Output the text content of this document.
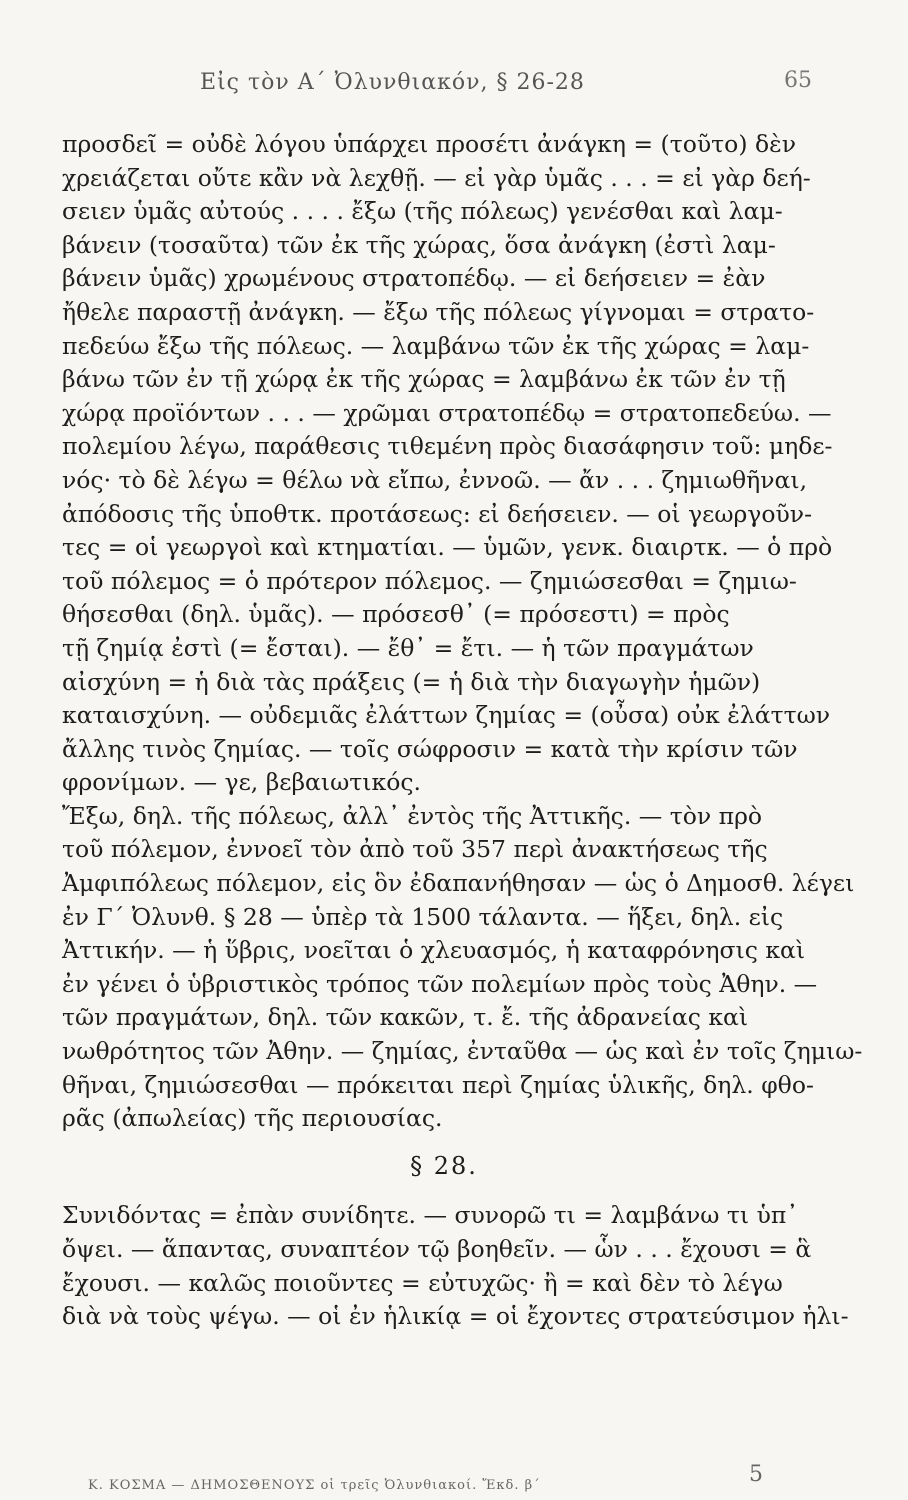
Εἰς τὸν Α΄ Ὀλυνθιακόν, § 26-28	65
προσδεῖ = οὐδὲ λόγου ὑπάρχει προσέτι ἀνάγκη = (τοῦτο) δὲν
χρειάζεται οὔτε κἂν νὰ λεχθῇ. — εἰ γὰρ ὑμᾶς . . . = εἰ γὰρ δεή-
σειεν ὑμᾶς αὐτούς . . . . ἔξω (τῆς πόλεως) γενέσθαι καὶ λαμ-
βάνειν (τοσαῦτα) τῶν ἐκ τῆς χώρας, ὅσα ἀνάγκη (ἐστὶ λαμ-
βάνειν ὑμᾶς) χρωμένους στρατοπέδῳ. — εἰ δεήσειεν = ἐὰν
ἤθελε παραστῇ ἀνάγκη. — ἔξω τῆς πόλεως γίγνομαι = στρατο-
πεδεύω ἔξω τῆς πόλεως. — λαμβάνω τῶν ἐκ τῆς χώρας = λαμ-
βάνω τῶν ἐν τῇ χώρᾳ ἐκ τῆς χώρας = λαμβάνω ἐκ τῶν ἐν τῇ
χώρᾳ προϊόντων . . . — χρῶμαι στρατοπέδῳ = στρατοπεδεύω. —
πολεμίου λέγω, παράθεσις τιθεμένη πρὸς διασάφησιν τοῦ: μηδε-
νός· τὸ δὲ λέγω = θέλω νὰ εἴπω, ἐννοῶ. — ἄν . . . ζημιωθῆναι,
ἀπόδοσις τῆς ὑποθτκ. προτάσεως: εἰ δεήσειεν. — οἱ γεωργοῦν-
τες = οἱ γεωργοὶ καὶ κτηματίαι. — ὑμῶν, γενκ. διαιρτκ. — ὁ πρὸ
τοῦ πόλεμος = ὁ πρότερον πόλεμος. — ζημιώσεσθαι = ζημιω-
θήσεσθαι (δηλ. ὑμᾶς). — πρόσεσθ᾿ (= πρόσεστι) = πρὸς
τῇ ζημίᾳ ἐστὶ (= ἔσται). — ἔθ᾿ = ἔτι. — ἡ τῶν πραγμάτων
αἰσχύνη = ἡ διὰ τὰς πράξεις (= ἡ διὰ τὴν διαγωγὴν ἡμῶν)
καταισχύνη. — οὐδεμιᾶς ἐλάττων ζημίας = (οὖσα) οὐκ ἐλάττων
ἄλλης τινὸς ζημίας. — τοῖς σώφροσιν = κατὰ τὴν κρίσιν τῶν
φρονίμων. — γε, βεβαιωτικός.
Ἔξω, δηλ. τῆς πόλεως, ἀλλ᾿ ἐντὸς τῆς Ἀττικῆς. — τὸν πρὸ
τοῦ πόλεμον, ἐννοεῖ τὸν ἀπὸ τοῦ 357 περὶ ἀνακτήσεως τῆς
Ἀμφιπόλεως πόλεμον, εἰς ὃν ἐδαπανήθησαν — ὡς ὁ Δημοσθ. λέγει
ἐν Γ΄ Ὀλυνθ. § 28 — ὑπὲρ τὰ 1500 τάλαντα. — ἥξει, δηλ. εἰς
Ἀττικήν. — ἡ ὕβρις, νοεῖται ὁ χλευασμός, ἡ καταφρόνησις καὶ
ἐν γένει ὁ ὑβριστικὸς τρόπος τῶν πολεμίων πρὸς τοὺς Ἀθην. —
τῶν πραγμάτων, δηλ. τῶν κακῶν, τ. ἔ. τῆς ἀδρανείας καὶ
νωθρότητος τῶν Ἀθην. — ζημίας, ἐνταῦθα — ὡς καὶ ἐν τοῖς ζημιω-
θῆναι, ζημιώσεσθαι — πρόκειται περὶ ζημίας ὑλικῆς, δηλ. φθο-
ρᾶς (ἀπωλείας) τῆς περιουσίας.
§ 28.
Συνιδόντας = ἐπὰν συνίδητε. — συνορῶ τι = λαμβάνω τι ὑπ᾿
ὄψει. — ἅπαντας, συναπτέον τῷ βοηθεῖν. — ὧν . . . ἔχουσι = ἃ
ἔχουσι. — καλῶς ποιοῦντες = εὐτυχῶς· ἢ = καὶ δὲν τὸ λέγω
διὰ νὰ τοὺς ψέγω. — οἱ ἐν ἡλικίᾳ = οἱ ἔχοντες στρατεύσιμον ἡλι-
Κ. ΚΟΣΜΑ — ΔΗΜΟΣΘΕΝΟΥΣ οἱ τρεῖς Ὀλυνθιακοί. Ἔκδ. β΄	5
